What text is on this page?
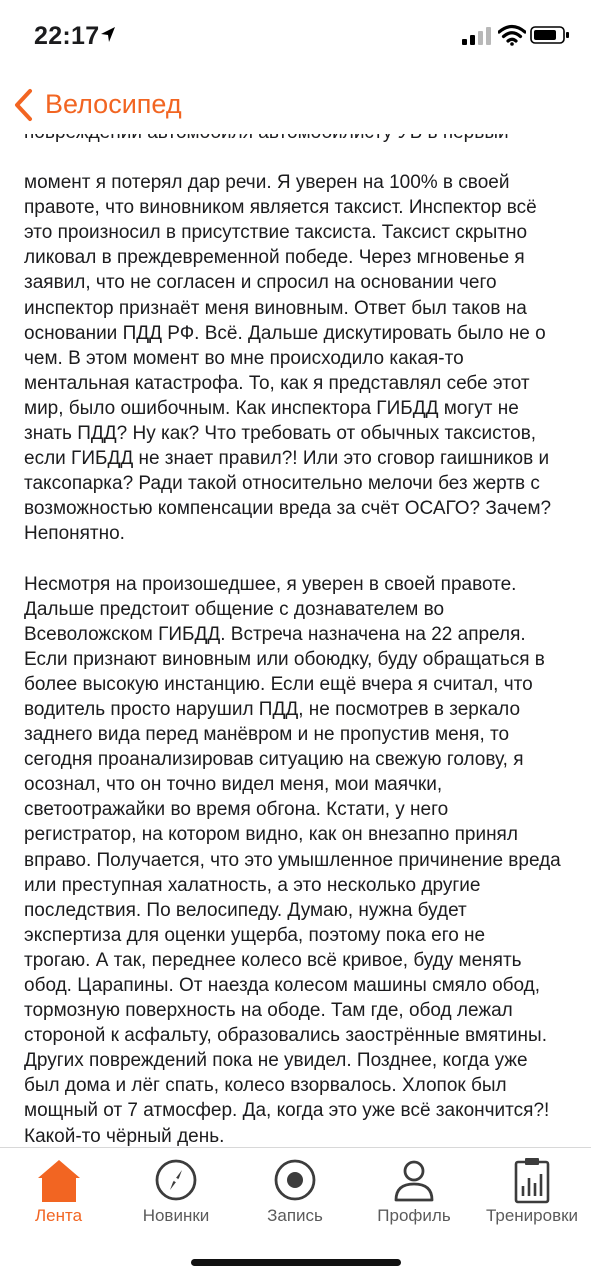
22:17
Велосипед

момент я потерял дар речи. Я уверен на 100% в своей
правоте, что виновником является таксист. Инспектор всё
это произносил в присутствие таксиста. Таксист скрытно
ликовал в преждевременной победе. Через мгновенье я
заявил, что не согласен и спросил на основании чего
инспектор признаёт меня виновным. Ответ был таков на
основании ПДД РФ. Всё. Дальше дискутировать было не о
чем. В этом момент во мне происходило какая-то
ментальная катастрофа. То, как я представлял себе этот
мир, было ошибочным. Как инспектора ГИБДД могут не
знать ПДД? Ну как? Что требовать от обычных таксистов,
если ГИБДД не знает правил?! Или это сговор гаишников и
таксопарка? Ради такой относительно мелочи без жертв с
возможностью компенсации вреда за счёт ОСАГО? Зачем?
Непонятно.

Несмотря на произошедшее, я уверен в своей правоте.
Дальше предстоит общение с дознавателем во
Всеволожском ГИБДД. Встреча назначена на 22 апреля.
Если признают виновным или обоюдку, буду обращаться в
более высокую инстанцию. Если ещё вчера я считал, что
водитель просто нарушил ПДД, не посмотрев в зеркало
заднего вида перед манёвром и не пропустив меня, то
сегодня проанализировав ситуацию на свежую голову, я
осознал, что он точно видел меня, мои маячки,
светоотражайки во время обгона. Кстати, у него
регистратор, на котором видно, как он внезапно принял
вправо. Получается, что это умышленное причинение вреда
или преступная халатность, а это несколько другие
последствия. По велосипеду. Думаю, нужна будет
экспертиза для оценки ущерба, поэтому пока его не
трогаю. А так, переднее колесо всё кривое, буду менять
обод. Царапины. От наезда колесом машины смяло обод,
тормозную поверхность на ободе. Там где, обод лежал
стороной к асфальту, образовались заострённые вмятины.
Других повреждений пока не увидел. Позднее, когда уже
был дома и лёг спать, колесо взорвалось. Хлопок был
мощный от 7 атмосфер. Да, когда это уже всё закончится?!
Какой-то чёрный день.

Лента	Новинки	Запись	Профиль	Тренировки
